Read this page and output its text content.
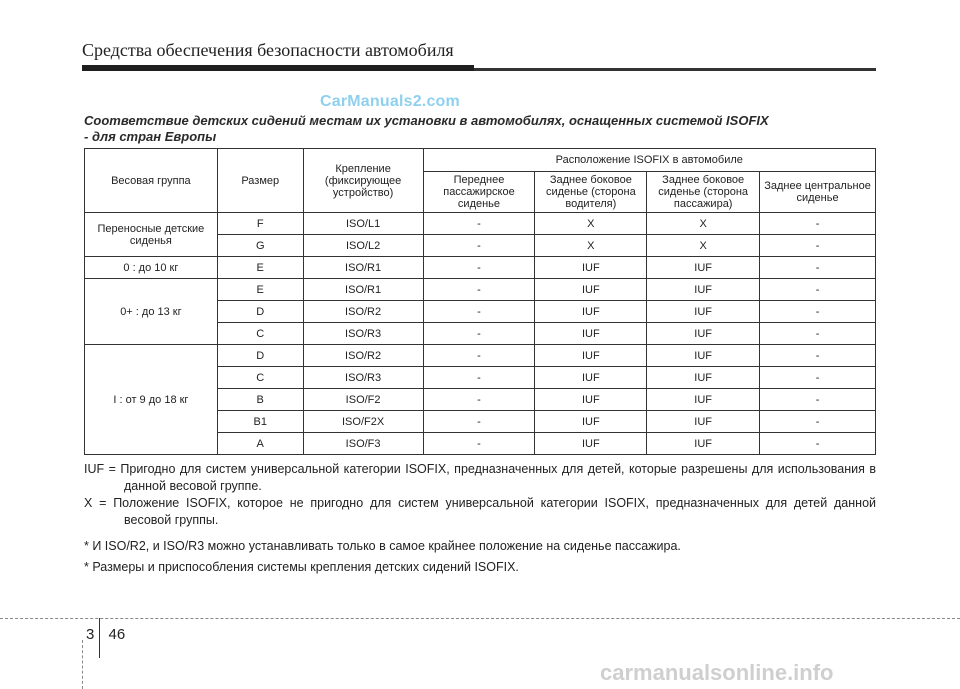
Средства обеспечения безопасности автомобиля
CarManuals2.com
Соответствие детских сидений местам их установки в автомобилях, оснащенных системой ISOFIX
- для стран Европы
Весовая группа	Размер	Крепление (фиксирующее устройство)	Расположение ISOFIX в автомобиле			
			Переднее пассажирское сиденье	Заднее боковое сиденье (сторона водителя)	Заднее боковое сиденье (сторона пассажира)	Заднее центральное сиденье
Переносные детские сиденья	F	ISO/L1	-	X	X	-
	G	ISO/L2	-	X	X	-
0 : до 10 кг	E	ISO/R1	-	IUF	IUF	-
0+ : до 13 кг	E	ISO/R1	-	IUF	IUF	-
	D	ISO/R2	-	IUF	IUF	-
	C	ISO/R3	-	IUF	IUF	-
I : от 9 до 18 кг	D	ISO/R2	-	IUF	IUF	-
	C	ISO/R3	-	IUF	IUF	-
	B	ISO/F2	-	IUF	IUF	-
	B1	ISO/F2X	-	IUF	IUF	-
	A	ISO/F3	-	IUF	IUF	-

IUF = Пригодно для систем универсальной категории ISOFIX, предназначенных для детей, которые разрешены для использования в данной весовой группе.

X = Положение ISOFIX, которое не пригодно для систем универсальной категории ISOFIX, предназначенных для детей данной весовой группы.

* И ISO/R2, и ISO/R3 можно устанавливать только в самое крайнее положение на сиденье пассажира.

* Размеры и приспособления системы крепления детских сидений ISOFIX.

3 46
carmanualsonline.info
